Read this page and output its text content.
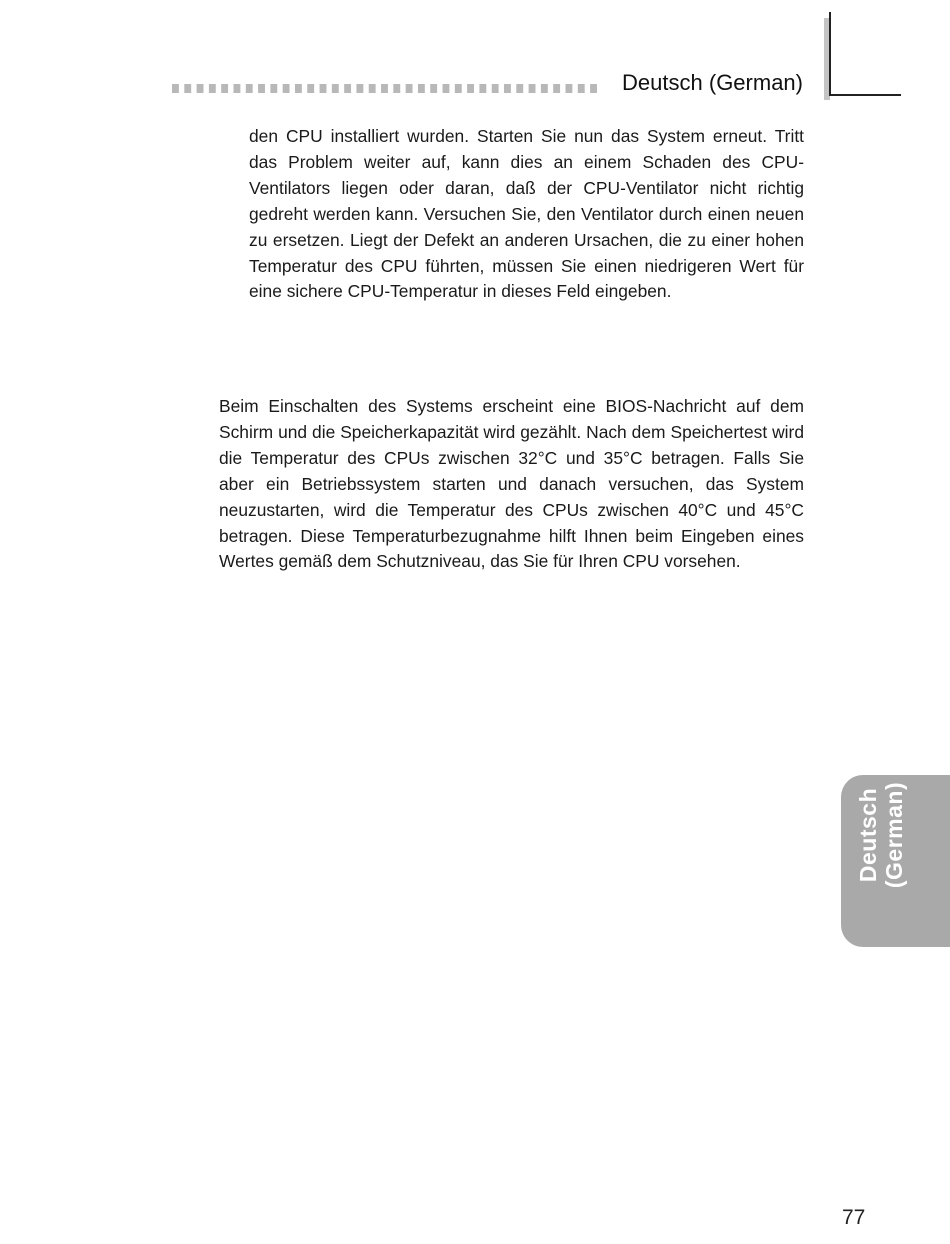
Deutsch (German)

den CPU installiert wurden. Starten Sie nun das System erneut. Tritt das Problem weiter auf, kann dies an einem Schaden des CPU-Ventilators liegen oder daran, daß der CPU-Ventilator nicht richtig gedreht werden kann. Versuchen Sie, den Ventilator durch einen neuen zu ersetzen. Liegt der Defekt an anderen Ursachen, die zu einer hohen Temperatur des CPU führten, müssen Sie einen niedrigeren Wert für eine sichere CPU-Temperatur in dieses Feld eingeben.

Beim Einschalten des Systems erscheint eine BIOS-Nachricht auf dem Schirm und die Speicherkapazität wird gezählt. Nach dem Speichertest wird die Temperatur des CPUs zwischen 32°C und 35°C betragen. Falls Sie aber ein Betriebssystem starten und danach versuchen, das System neuzustarten, wird die Temperatur des CPUs zwischen 40°C und 45°C betragen. Diese Temperaturbezugnahme hilft Ihnen beim Eingeben eines Wertes gemäß dem Schutzniveau, das Sie für Ihren CPU vorsehen.

Deutsch (German)
77
